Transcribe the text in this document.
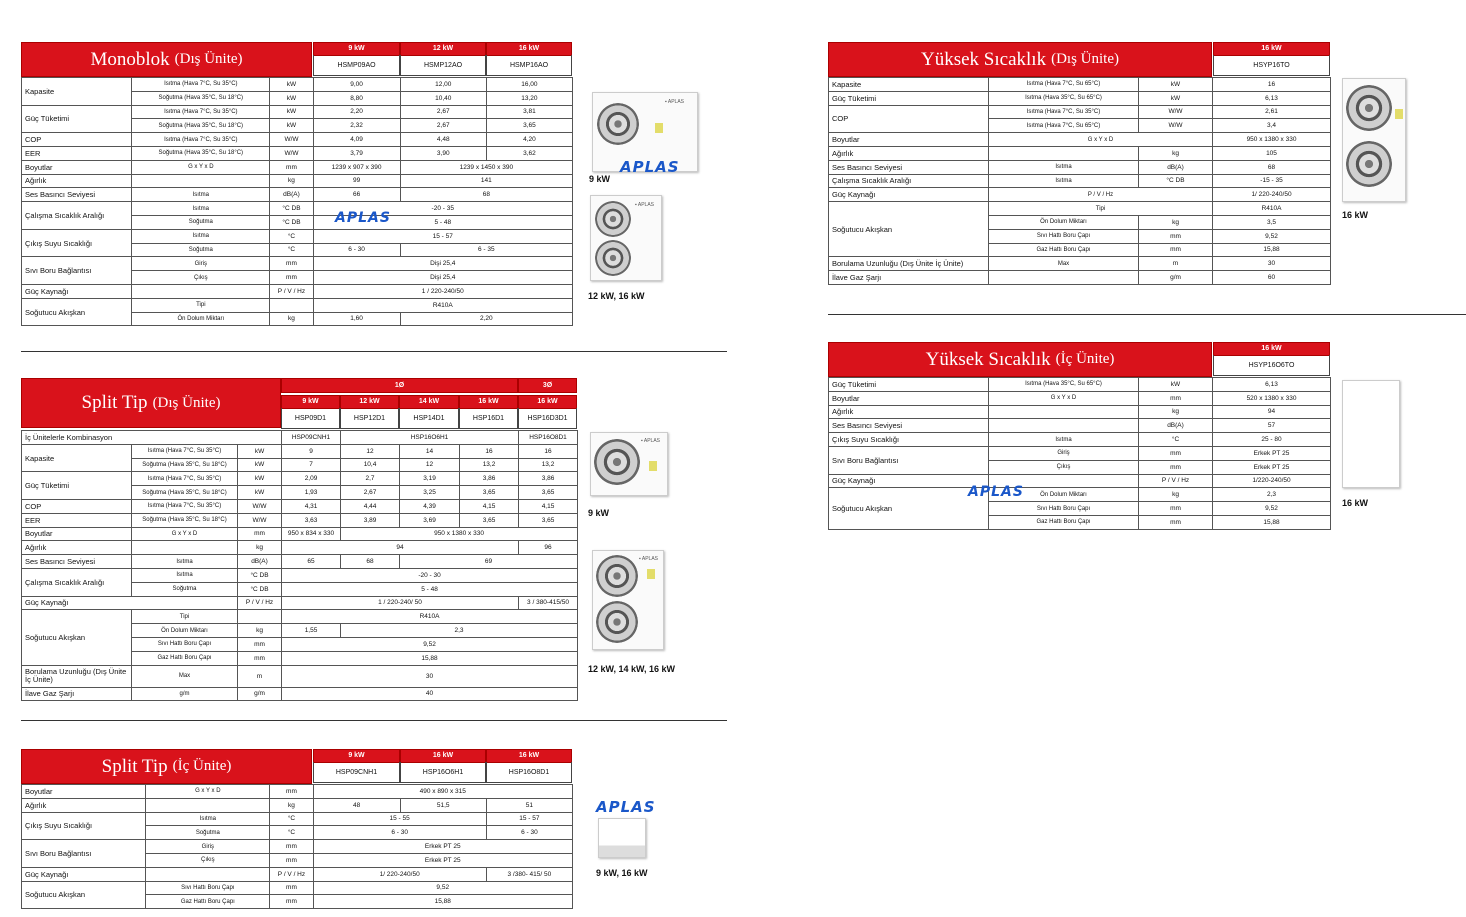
Monoblok (Dış Ünite)
9 kW	12 kW	16 kW
HSMP09AO	HSMP12AO	HSMP16AO
Kapasite	Isıtma (Hava 7°C, Su 35°C)	kW	9,00	12,00	16,00
	Soğutma (Hava 35°C, Su 18°C)	kW	8,80	10,40	13,20
Güç Tüketimi	Isıtma (Hava 7°C, Su 35°C)	kW	2,20	2,67	3,81
	Soğutma (Hava 35°C, Su 18°C)	kW	2,32	2,67	3,65
COP	Isıtma (Hava 7°C, Su 35°C)	W/W	4,09	4,48	4,20
EER	Soğutma (Hava 35°C, Su 18°C)	W/W	3,79	3,90	3,62
Boyutlar	G x Y x D	mm	1239 x 907 x 390	1239 x 1450 x 390	
Ağırlık		kg	99	141	
Ses Basıncı Seviyesi	Isıtma	dB(A)	66	68	
Çalışma Sıcaklık Aralığı	Isıtma	°C DB	-20 - 35		
	Soğutma	°C DB	5 - 48		
Çıkış Suyu Sıcaklığı	Isıtma	°C	15 - 57		
	Soğutma	°C	6 - 30	6 - 35	
Sıvı Boru Bağlantısı	Giriş	mm	Dişi 25,4		
	Çıkış	mm	Dişi 25,4		
Güç Kaynağı		P / V / Hz	1 / 220-240/50		
Soğutucu Akışkan	Tipi		R410A		
	Ön Dolum Miktarı	kg	1,60	2,20	
APLAS
▪ APLAS
APLAS
9 kW
▪ APLAS
12 kW, 16 kW
Split Tip (Dış Ünite)
1Ø	3Ø
9 kW	12 kW	14 kW	16 kW	16 kW
HSP09D1	HSP12D1	HSP14D1	HSP16D1	HSP16D3D1
İç Ünitelerle Kombinasyon			HSP09CNH1	HSP16O6H1			HSP16O8D1
Kapasite	Isıtma (Hava 7°C, Su 35°C)	kW	9	12	14	16	16
	Soğutma (Hava 35°C, Su 18°C)	kW	7	10,4	12	13,2	13,2
Güç Tüketimi	Isıtma (Hava 7°C, Su 35°C)	kW	2,09	2,7	3,19	3,86	3,86
	Soğutma (Hava 35°C, Su 18°C)	kW	1,93	2,67	3,25	3,65	3,65
COP	Isıtma (Hava 7°C, Su 35°C)	W/W	4,31	4,44	4,39	4,15	4,15
EER	Soğutma (Hava 35°C, Su 18°C)	W/W	3,63	3,89	3,69	3,65	3,65
Boyutlar	G x Y x D	mm	950 x 834 x 330	950 x 1380 x 330			
Ağırlık		kg	94				96
Ses Basıncı Seviyesi	Isıtma	dB(A)	65	68	69		
Çalışma Sıcaklık Aralığı	Isıtma	°C DB	-20 - 30				
	Soğutma	°C DB	5 - 48				
Güç Kaynağı		P / V / Hz	1 / 220-240/ 50				3 / 380-415/50
Soğutucu Akışkan	Tipi		R410A				
	Ön Dolum Miktarı	kg	1,55	2,3			
	Sıvı Hattı Boru Çapı	mm	9,52				
	Gaz Hattı Boru Çapı	mm	15,88				
Borulama Uzunluğu (Dış Ünite İç Ünite)	Max	m	30				
İlave Gaz Şarjı	g/m	g/m	40				
▪ APLAS
9 kW
▪ APLAS
12 kW, 14 kW, 16 kW
Split Tip (İç Ünite)
9 kW	16 kW	16 kW
HSP09CNH1	HSP16O6H1	HSP16O8D1
Boyutlar	G x Y x D	mm	490 x 890 x 315		
Ağırlık		kg	48	51,5	51
Çıkış Suyu Sıcaklığı	Isıtma	°C	15 - 55		15 - 57
	Soğutma	°C	6 - 30		6 - 30
Sıvı Boru Bağlantısı	Giriş	mm	Erkek PT 25		
	Çıkış	mm	Erkek PT 25		
Güç Kaynağı		P / V / Hz	1/ 220-240/50		3 /380- 415/ 50
Soğutucu Akışkan	Sıvı Hattı Boru Çapı	mm	9,52		
	Gaz Hattı Boru Çapı	mm	15,88		
APLAS
9 kW, 16 kW
Yüksek Sıcaklık (Dış Ünite)
16 kW
HSYP16TO
Kapasite	Isıtma (Hava 7°C, Su 65°C)	kW	16
Güç Tüketimi	Isıtma (Hava 35°C, Su 65°C)	kW	6,13
COP	Isıtma (Hava 7°C, Su 35°C)	W/W	2,61
	Isıtma (Hava 7°C, Su 65°C)	W/W	3,4
Boyutlar	G x Y x D		950 x 1380 x 330
Ağırlık		kg	105
Ses Basıncı Seviyesi	Isıtma	dB(A)	68
Çalışma Sıcaklık Aralığı	Isıtma	°C DB	-15 - 35
Güç Kaynağı	P / V / Hz		1/ 220-240/50
Soğutucu Akışkan	Tipi		R410A
	Ön Dolum Miktarı	kg	3,5
	Sıvı Hattı Boru Çapı	mm	9,52
	Gaz Hattı Boru Çapı	mm	15,88
Borulama Uzunluğu (Dış Ünite İç Ünite)	Max	m	30
İlave Gaz Şarjı		g/m	60
16 kW
Yüksek Sıcaklık (İç Ünite)
16 kW
HSYP16O6TO
Güç Tüketimi	Isıtma (Hava 35°C, Su 65°C)	kW	6,13
Boyutlar	G x Y x D	mm	520 x 1380 x 330
Ağırlık		kg	94
Ses Basıncı Seviyesi		dB(A)	57
Çıkış Suyu Sıcaklığı	Isıtma	°C	25 - 80
Sıvı Boru Bağlantısı	Giriş	mm	Erkek PT 25
	Çıkış	mm	Erkek PT 25
Güç Kaynağı		P / V / Hz	1/220-240/50
Soğutucu Akışkan	Ön Dolum Miktarı	kg	2,3
	Sıvı Hattı Boru Çapı	mm	9,52
	Gaz Hattı Boru Çapı	mm	15,88
APLAS
16 kW
